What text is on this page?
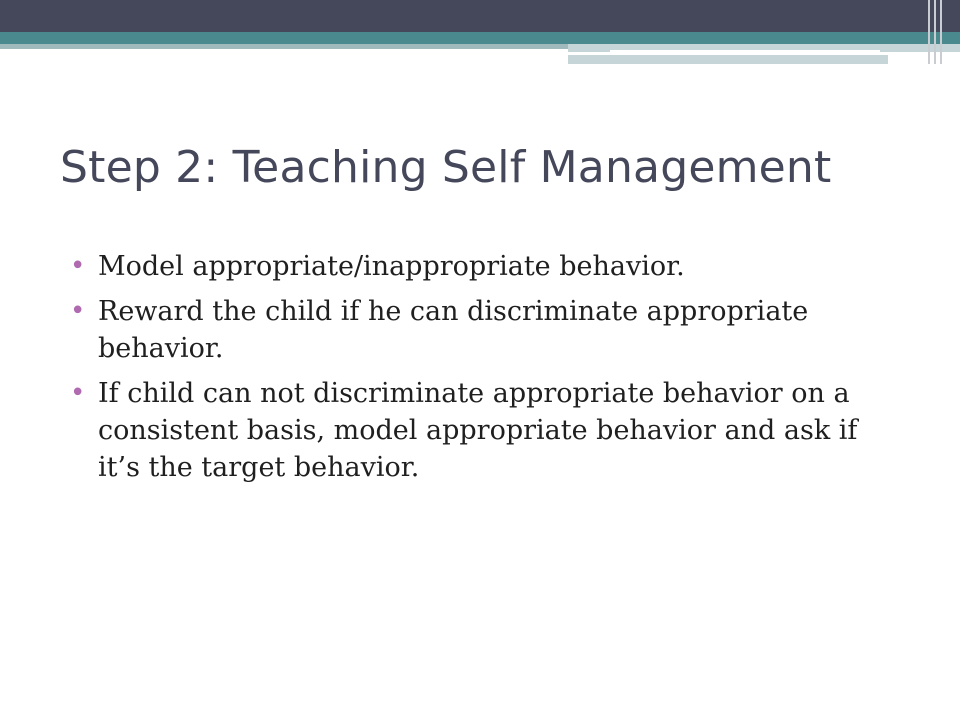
Step 2: Teaching Self Management
• Model appropriate/inappropriate behavior.
• Reward the child if he can discriminate appropriate behavior.
• If child can not discriminate appropriate behavior on a consistent basis, model appropriate behavior and ask if it’s the target behavior.
